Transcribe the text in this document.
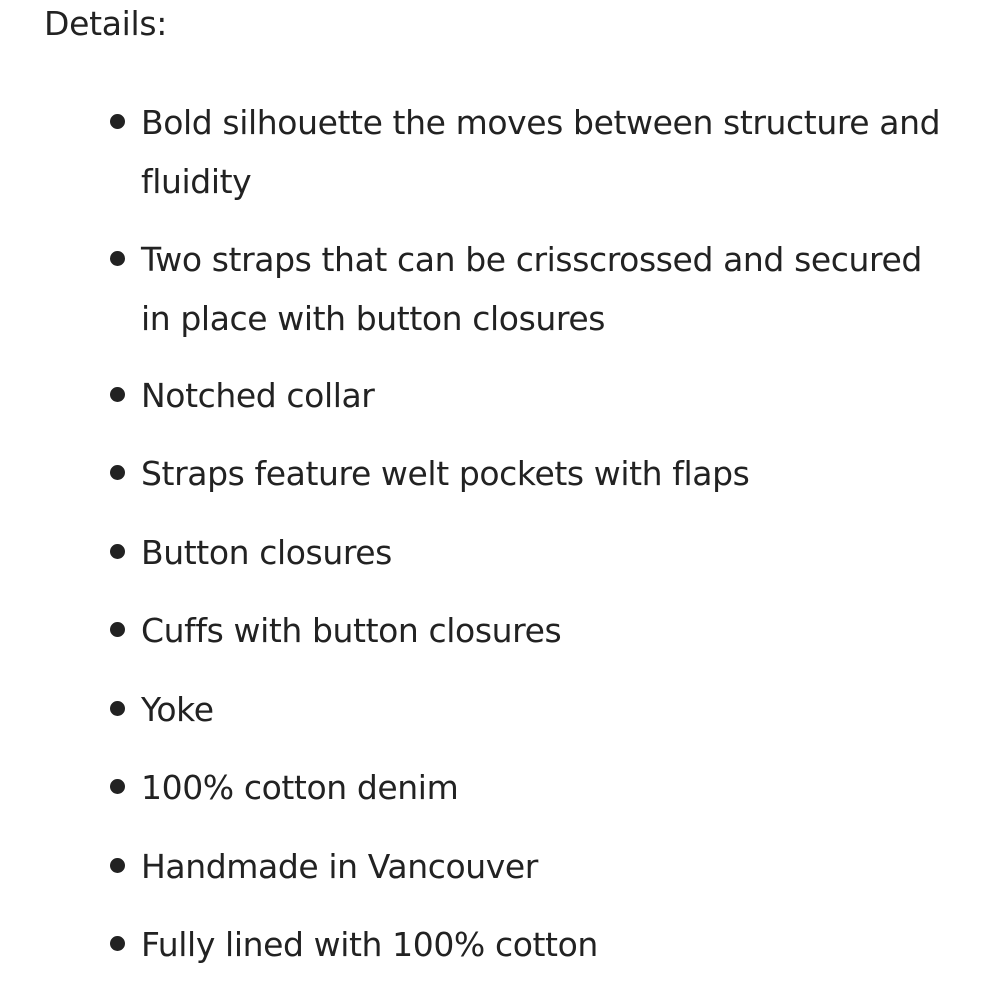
Details:
Bold silhouette the moves between structure and fluidity
Two straps that can be crisscrossed and secured in place with button closures
Notched collar
Straps feature welt pockets with flaps
Button closures
Cuffs with button closures
Yoke
100% cotton denim
Handmade in Vancouver
Fully lined with 100% cotton
